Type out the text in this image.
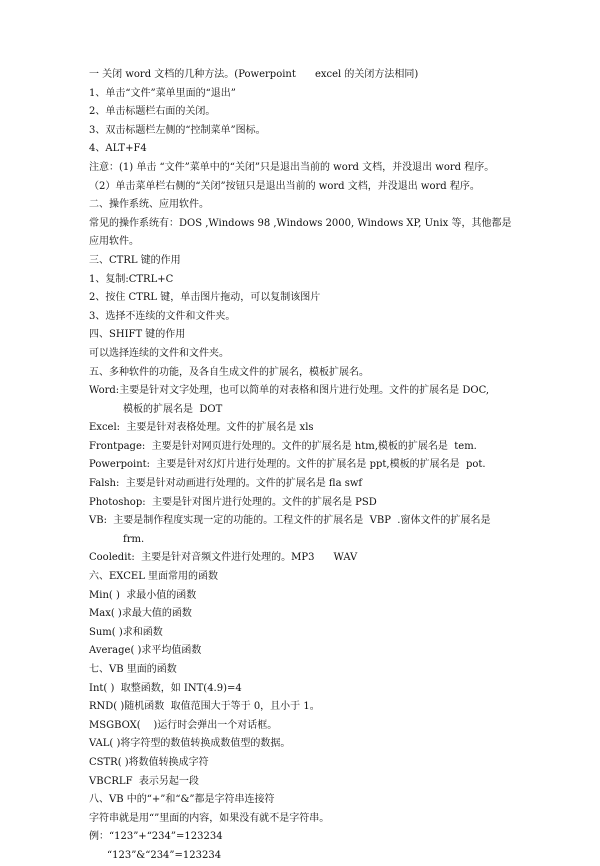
一 关闭 word 文档的几种方法。(Powerpoint      excel 的关闭方法相同)
1、单击“文件”菜单里面的“退出”
2、单击标题栏右面的关闭。
3、双击标题栏左侧的“控制菜单”图标。
4、ALT+F4
注意：(1) 单击 “文件”菜单中的“关闭”只是退出当前的 word 文档，并没退出 word 程序。
（2）单击菜单栏右侧的“关闭”按钮只是退出当前的 word 文档，并没退出 word 程序。
二、操作系统、应用软件。
常见的操作系统有：DOS ,Windows 98 ,Windows 2000, Windows XP, Unix 等，其他都是应用软件。
三、CTRL 键的作用
1、复制:CTRL+C
2、按住 CTRL 键，单击图片拖动，可以复制该图片
3、选择不连续的文件和文件夹。
四、SHIFT 键的作用
可以选择连续的文件和文件夹。
五、多种软件的功能，及各自生成文件的扩展名，模板扩展名。
Word:主要是针对文字处理，也可以简单的对表格和图片进行处理。文件的扩展名是 DOC,
模板的扩展名是  DOT
Excel:  主要是针对表格处理。文件的扩展名是 xls
Frontpage:  主要是针对网页进行处理的。文件的扩展名是 htm,模板的扩展名是  tem.
Powerpoint:  主要是针对幻灯片进行处理的。文件的扩展名是 ppt,模板的扩展名是  pot.
Falsh:  主要是针对动画进行处理的。文件的扩展名是 fla swf
Photoshop:  主要是针对图片进行处理的。文件的扩展名是 PSD
VB:  主要是制作程度实现一定的功能的。工程文件的扩展名是  VBP  .窗体文件的扩展名是
frm.
Cooledit:  主要是针对音频文件进行处理的。MP3      WAV
六、EXCEL 里面常用的函数
Min( )  求最小值的函数
Max( )求最大值的函数
Sum( )求和函数
Average( )求平均值函数
七、VB 里面的函数
Int( )  取整函数，如 INT(4.9)=4
RND( )随机函数  取值范围大于等于 0，且小于 1。
MSGBOX(    )运行时会弹出一个对话框。
VAL( )将字符型的数值转换成数值型的数据。
CSTR( )将数值转换成字符
VBCRLF  表示另起一段
八、VB 中的“+”和“&”都是字符串连接符
字符串就是用“”里面的内容，如果没有就不是字符串。
例：“123”+“234”=123234
“123”&“234”=123234
